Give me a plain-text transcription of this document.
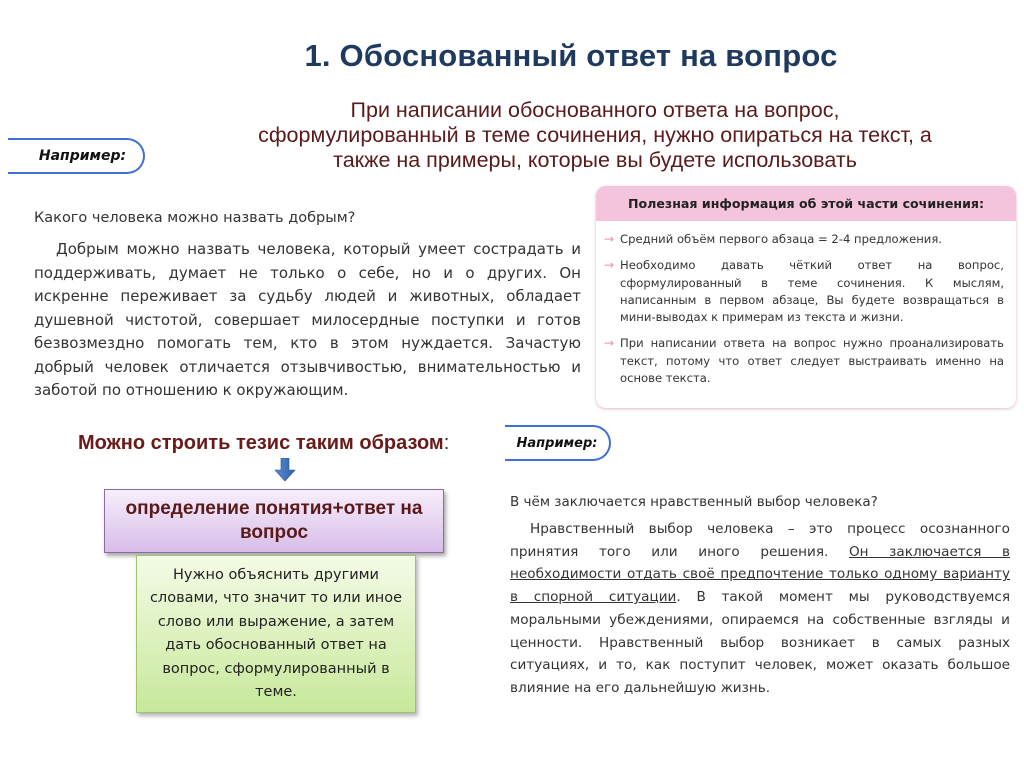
1. Обоснованный ответ на вопрос
При написании обоснованного ответа на вопрос, сформулированный в теме сочинения, нужно опираться на текст, а также на примеры, которые вы будете использовать
Например:
Какого человека можно назвать добрым?
Добрым можно назвать человека, который умеет сострадать и поддерживать, думает не только о себе, но и о других. Он искренне переживает за судьбу людей и животных, обладает душевной чистотой, совершает милосердные поступки и готов безвозмездно помогать тем, кто в этом нуждается. Зачастую добрый человек отличается отзывчивостью, внимательностью и заботой по отношению к окружающим.
Полезная информация об этой части сочинения:
→ Средний объём первого абзаца = 2-4 предложения.
→ Необходимо давать чёткий ответ на вопрос, сформулированный в теме сочинения. К мыслям, написанным в первом абзаце, Вы будете возвращаться в мини-выводах к примерам из текста и жизни.
→ При написании ответа на вопрос нужно проанализировать текст, потому что ответ следует выстраивать именно на основе текста.
Можно строить тезис таким образом:
определение понятия+ответ на вопрос
Нужно объяснить другими словами, что значит то или иное слово или выражение, а затем дать обоснованный ответ на вопрос, сформулированный в теме.
Например:
В чём заключается нравственный выбор человека?
Нравственный выбор человека – это процесс осознанного принятия того или иного решения. Он заключается в необходимости отдать своё предпочтение только одному варианту в спорной ситуации. В такой момент мы руководствуемся моральными убеждениями, опираемся на собственные взгляды и ценности. Нравственный выбор возникает в самых разных ситуациях, и то, как поступит человек, может оказать большое влияние на его дальнейшую жизнь.
